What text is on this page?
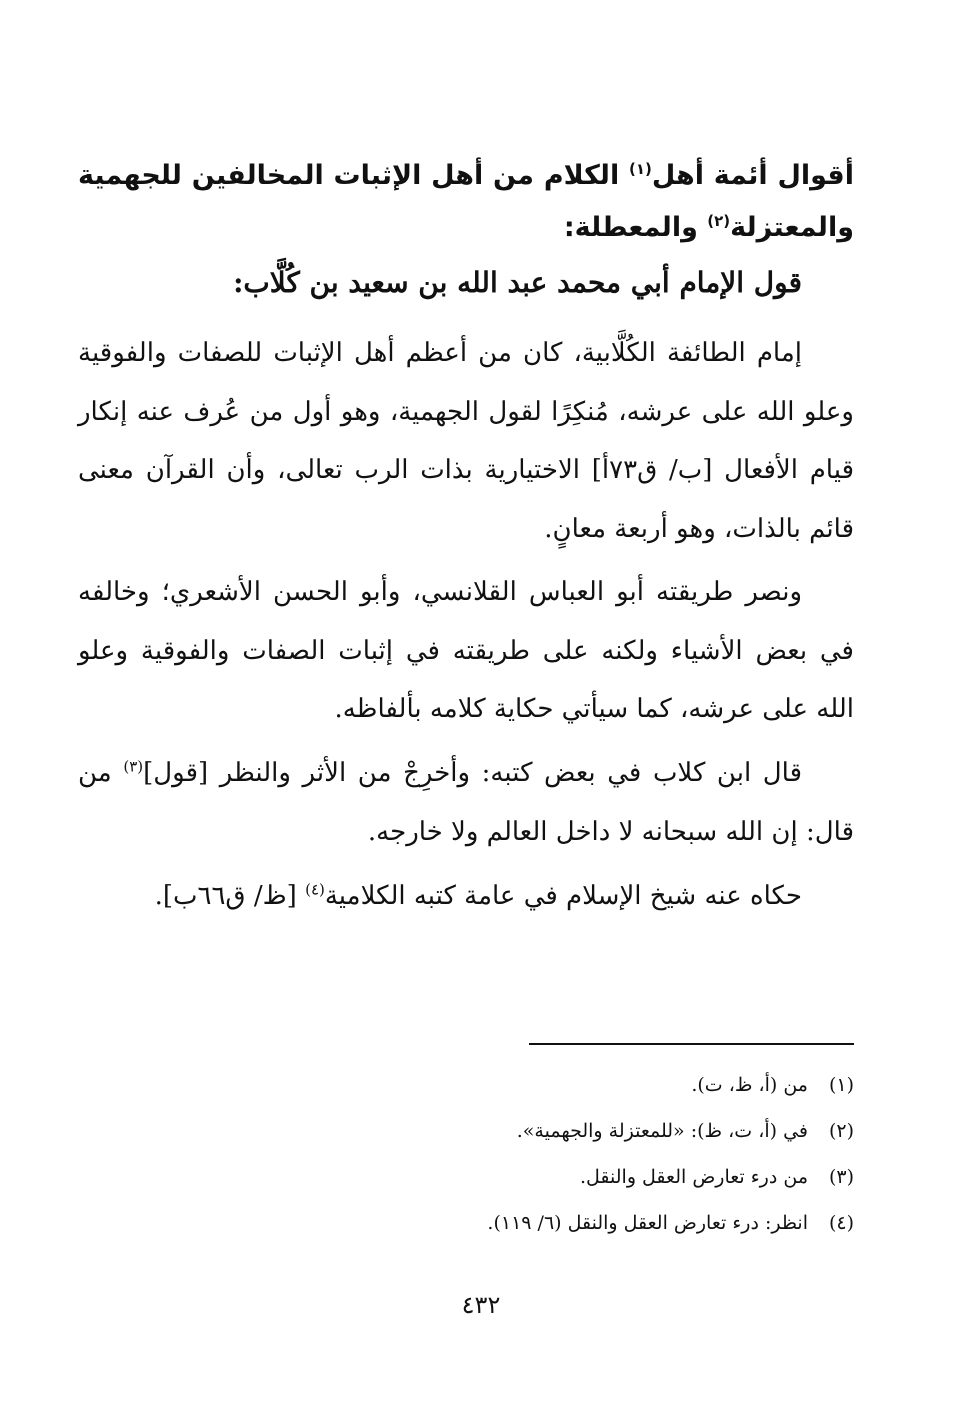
أقوال أئمة أهل$^{(١)}$ الكلام من أهل الإثبات المخالفين للجهمية والمعتزلة$^{(٢)}$ والمعطلة:
قول الإمام أبي محمد عبد الله بن سعيد بن كُلَّاب:
إمام الطائفة الكُلَّابية، كان من أعظم أهل الإثبات للصفات والفوقية وعلو الله على عرشه، مُنكِرًا لقول الجهمية، وهو أول من عُرف عنه إنكار قيام الأفعال [ب/ ق٧٣أ] الاختيارية بذات الرب تعالى، وأن القرآن معنى قائم بالذات، وهو أربعة معانٍ.
ونصر طريقته أبو العباس القلانسي، وأبو الحسن الأشعري؛ وخالفه في بعض الأشياء ولكنه على طريقته في إثبات الصفات والفوقية وعلو الله على عرشه، كما سيأتي حكاية كلامه بألفاظه.
قال ابن كلاب في بعض كتبه: وأخرِجْ من الأثر والنظر [قول]$^{(٣)}$ من قال: إن الله سبحانه لا داخل العالم ولا خارجه.
حكاه عنه شيخ الإسلام في عامة كتبه الكلامية$^{(٤)}$ [ظ/ ق٦٦ب].
(١)من (أ، ظ، ت).
(٢)في (أ، ت، ظ): «للمعتزلة والجهمية».
(٣)من درء تعارض العقل والنقل.
(٤)انظر: درء تعارض العقل والنقل (٦/ ١١٩).
٤٣٢
